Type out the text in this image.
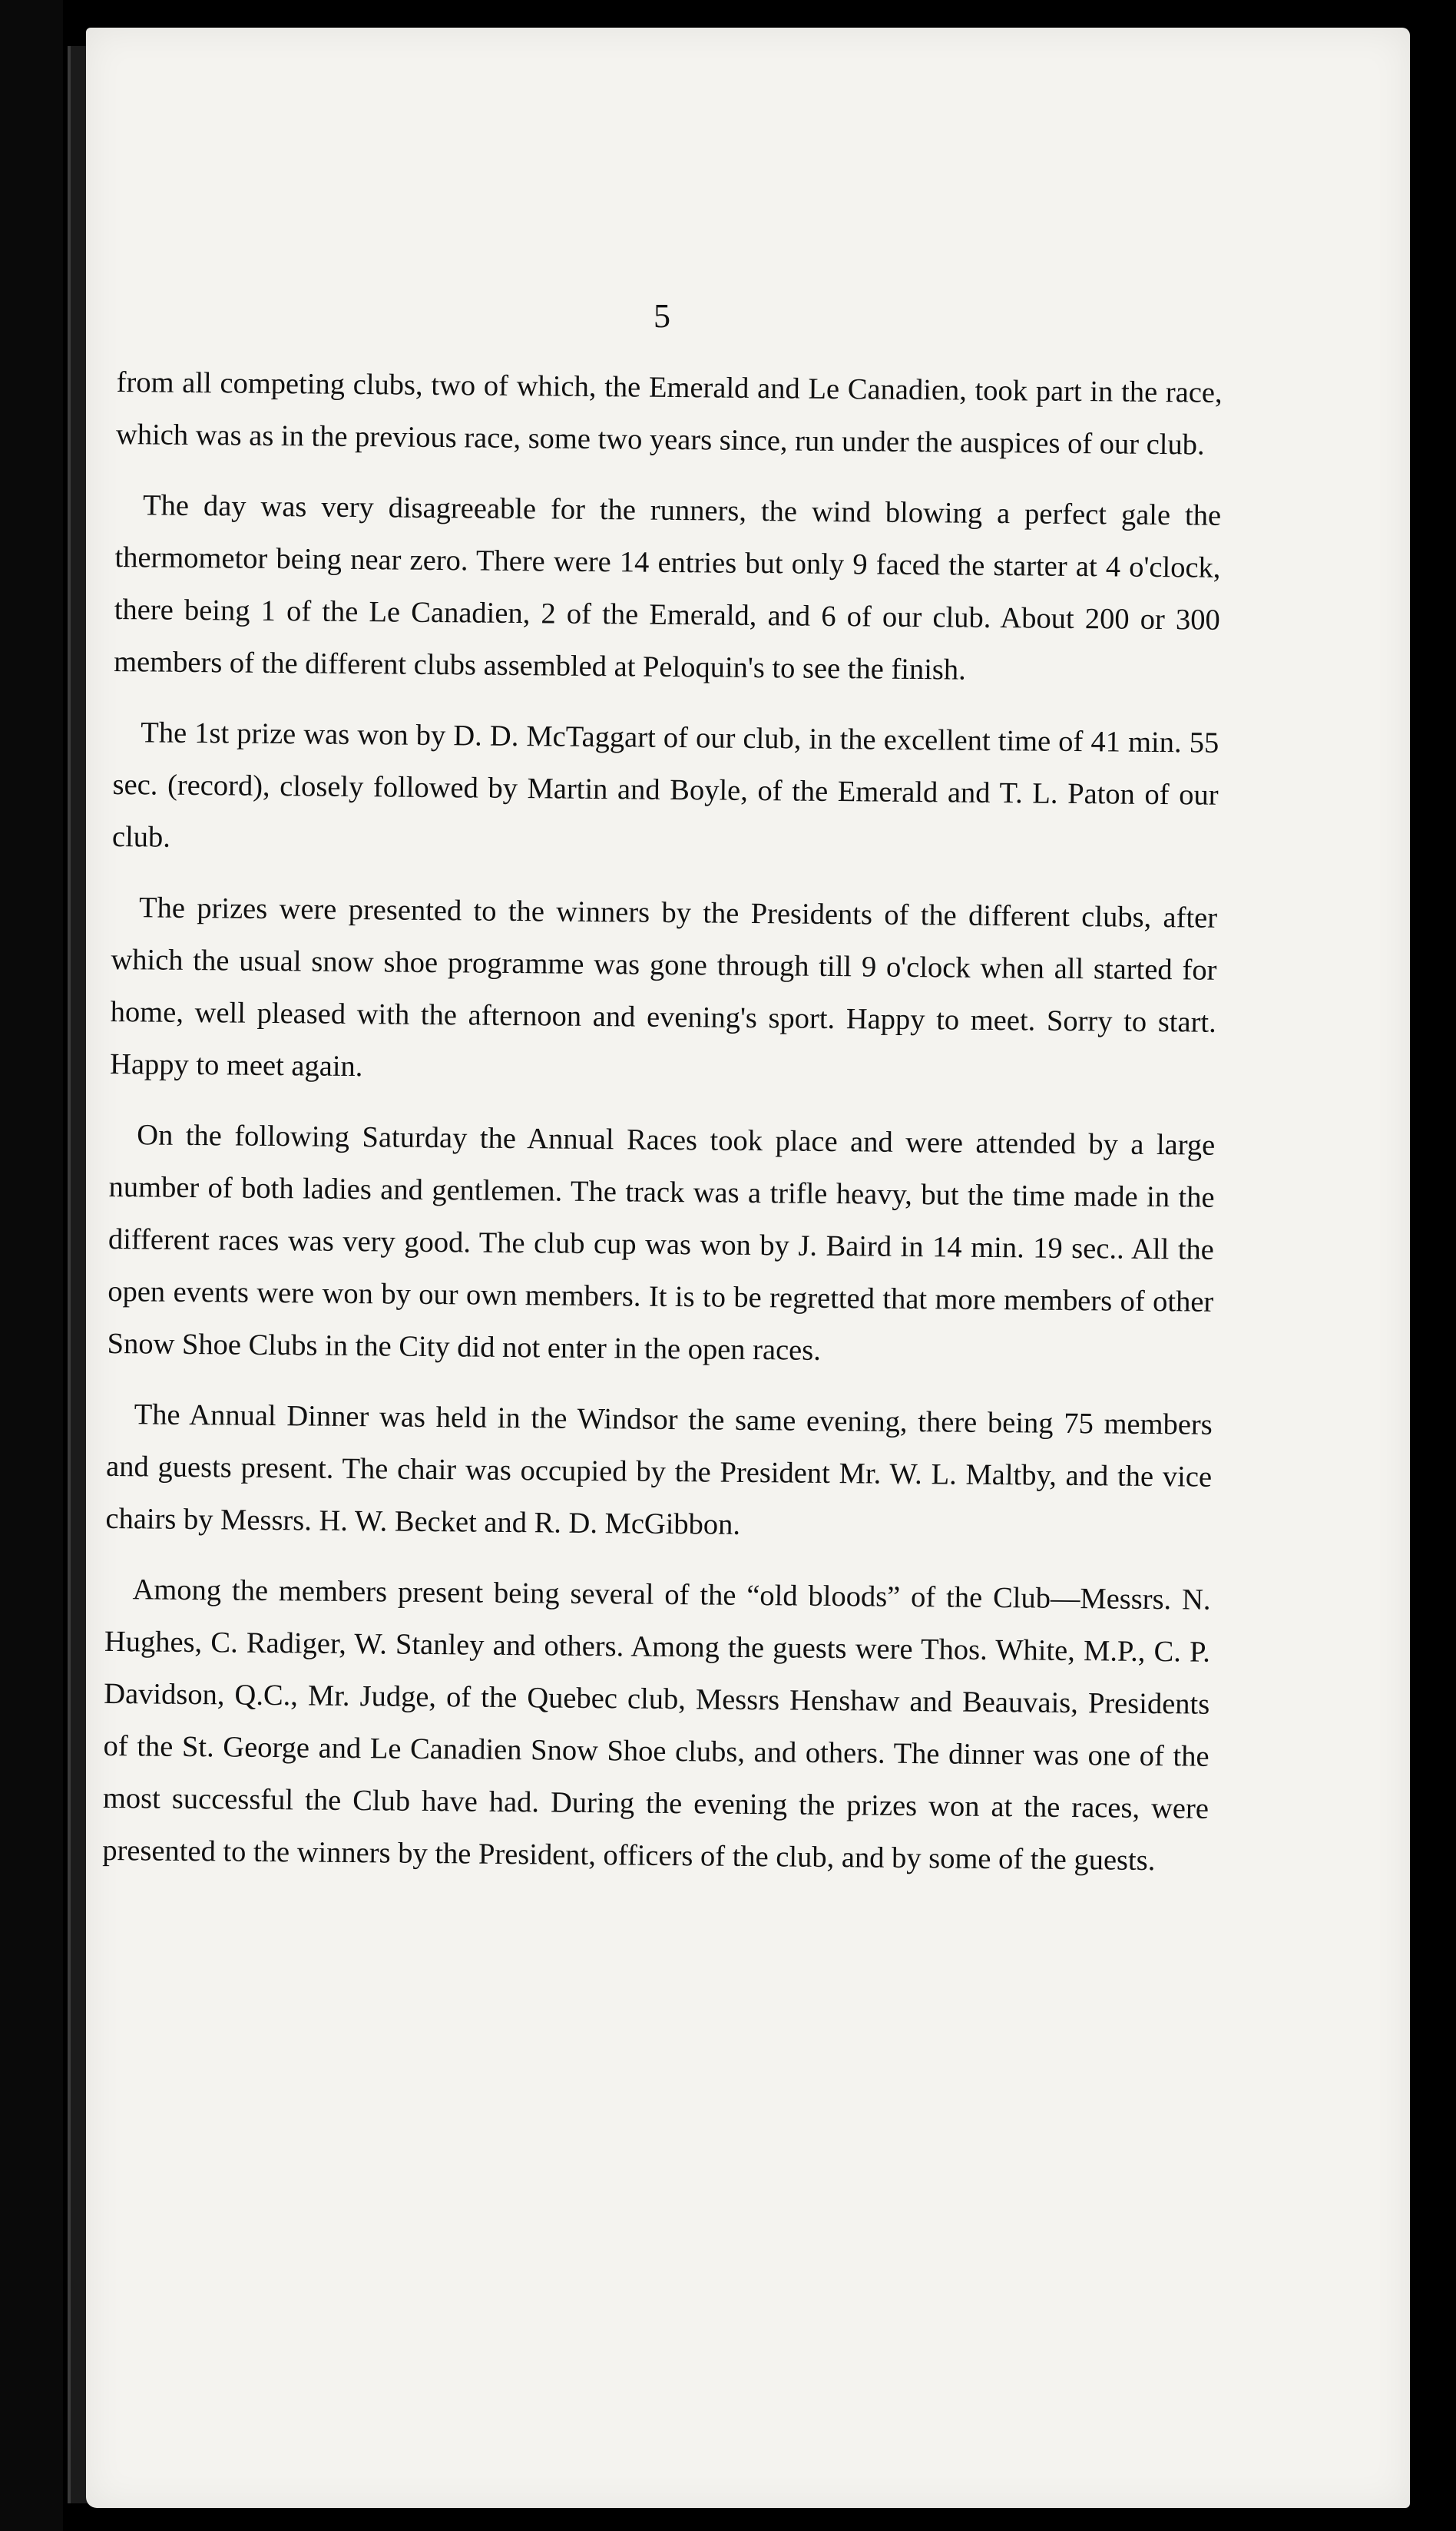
5

from all competing clubs, two of which, the Emerald and Le Canadien, took part in the race, which was as in the previous race, some two years since, run under the auspices of our club.

The day was very disagreeable for the runners, the wind blowing a perfect gale the thermometor being near zero. There were 14 entries but only 9 faced the starter at 4 o'clock, there being 1 of the Le Canadien, 2 of the Emerald, and 6 of our club. About 200 or 300 members of the different clubs assembled at Peloquin's to see the finish.

The 1st prize was won by D. D. McTaggart of our club, in the excellent time of 41 min. 55 sec. (record), closely followed by Martin and Boyle, of the Emerald and T. L. Paton of our club.

The prizes were presented to the winners by the Presidents of the different clubs, after which the usual snow shoe programme was gone through till 9 o'clock when all started for home, well pleased with the afternoon and evening's sport. Happy to meet. Sorry to start. Happy to meet again.

On the following Saturday the Annual Races took place and were attended by a large number of both ladies and gentlemen. The track was a trifle heavy, but the time made in the different races was very good. The club cup was won by J. Baird in 14 min. 19 sec.. All the open events were won by our own members. It is to be regretted that more members of other Snow Shoe Clubs in the City did not enter in the open races.

The Annual Dinner was held in the Windsor the same evening, there being 75 members and guests present. The chair was occupied by the President Mr. W. L. Maltby, and the vice chairs by Messrs. H. W. Becket and R. D. McGibbon.

Among the members present being several of the “old bloods” of the Club—Messrs. N. Hughes, C. Radiger, W. Stanley and others. Among the guests were Thos. White, M.P., C. P. Davidson, Q.C., Mr. Judge, of the Quebec club, Messrs Henshaw and Beauvais, Presidents of the St. George and Le Canadien Snow Shoe clubs, and others. The dinner was one of the most successful the Club have had. During the evening the prizes won at the races, were presented to the winners by the President, officers of the club, and by some of the guests.
